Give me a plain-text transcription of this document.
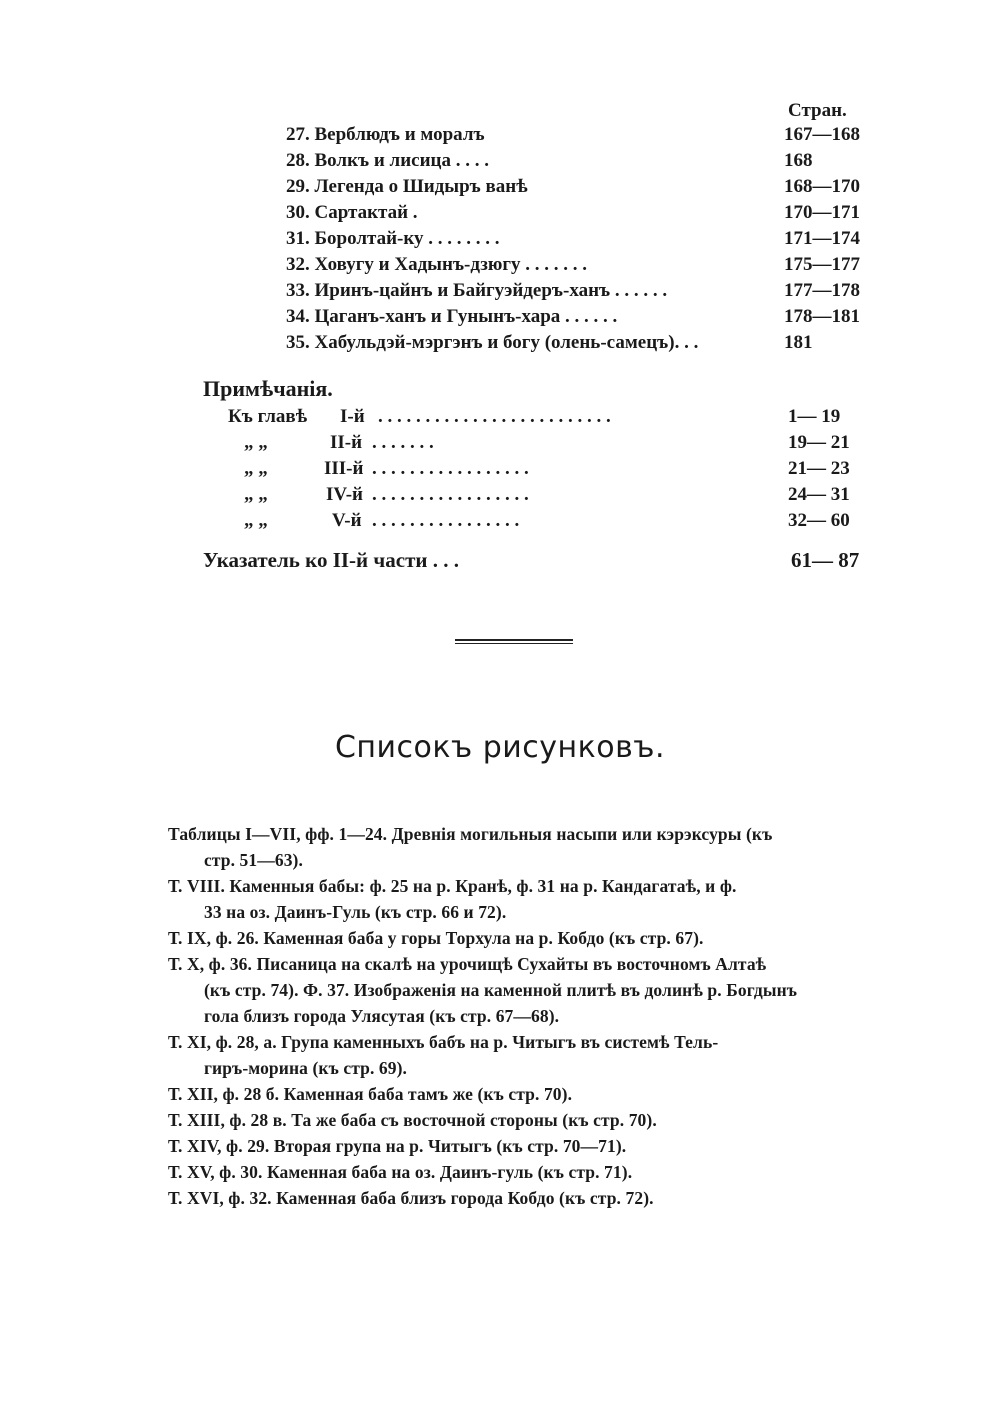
Стран.
27. Верблюдъ и моралъ	167—168
28. Волкъ и лисица . . . .	168
29. Легенда о Шидыръ ванѣ	168—170
30. Сартактай .	170—171
31. Боролтай-ку . . . . . . . .	171—174
32. Ховугу и Хадынъ-дзюгу . . . . . . .	175—177
33. Иринъ-цайнъ и Байгуэйдеръ-ханъ . . . . . .	177—178
34. Цаганъ-ханъ и Гунынъ-хара . . . . . .	178—181
35. Хабульдэй-мэргэнъ и богу (олень-самецъ). . .	181
Примѣчанія.
Къ главѣ I-й . . . . . . . . . . . . . . . . . . . . . . . . .	1— 19
„ „	II-й . . . . . . .	19— 21
„ „	III-й . . . . . . . . . . . . . . . . .	21— 23
„ „	IV-й . . . . . . . . . . . . . . . . .	24— 31
„ „	V-й . . . . . . . . . . . . . . . .	32— 60
Указатель ко II-й части . . .	61— 87
Списокъ рисунковъ.
Таблицы I—VII, фф. 1—24. Древнія могильныя насыпи или кэрэксуры (къ
стр. 51—63).
Т. VIII. Каменныя бабы: ф. 25 на р. Кранѣ, ф. 31 на р. Кандагатаѣ, и ф.
33 на оз. Даинъ-Гуль (къ стр. 66 и 72).
Т. IX, ф. 26. Каменная баба у горы Торхула на р. Кобдо (къ стр. 67).
Т. X, ф. 36. Писаница на скалѣ на урочищѣ Сухайты въ восточномъ Алтаѣ
(къ стр. 74). Ф. 37. Изображенія на каменной плитѣ въ долинѣ р. Богдынъ
гола близъ города Улясутая (къ стр. 67—68).
Т. XI, ф. 28, а. Група каменныхъ бабъ на р. Читыгъ въ системѣ Тель-
гиръ-морина (къ стр. 69).
Т. XII, ф. 28 б. Каменная баба тамъ же (къ стр. 70).
Т. XIII, ф. 28 в. Та же баба съ восточной стороны (къ стр. 70).
Т. XIV, ф. 29. Вторая група на р. Читыгъ (къ стр. 70—71).
Т. XV, ф. 30. Каменная баба на оз. Даинъ-гуль (къ стр. 71).
Т. XVI, ф. 32. Каменная баба близъ города Кобдо (къ стр. 72).
